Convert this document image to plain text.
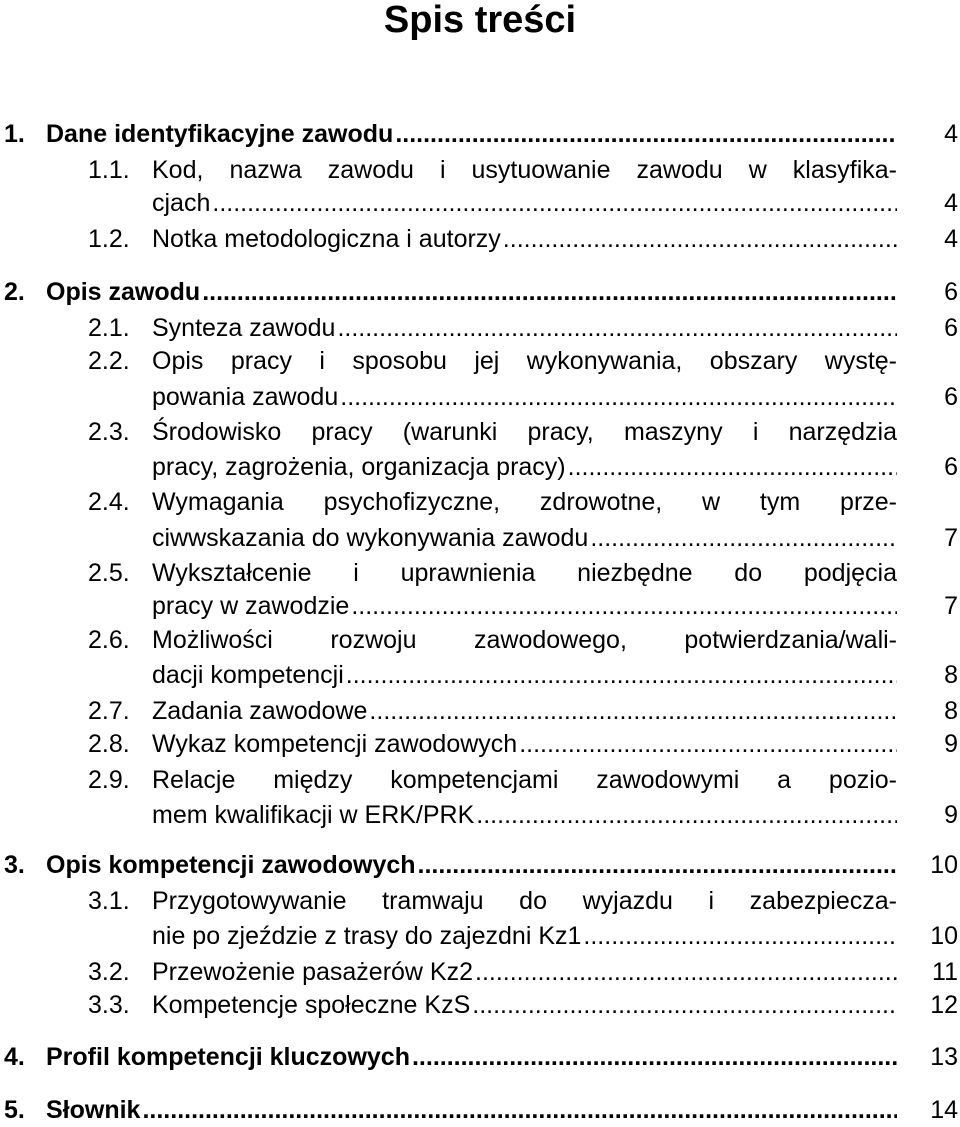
Spis treści
1. Dane identyfikacyjne zawodu .....	4
1.1. Kod, nazwa zawodu i usytuowanie zawodu w klasyfika-
cjach .....	4
1.2. Notka metodologiczna i autorzy .....	4
2. Opis zawodu .....	6
2.1. Synteza zawodu .....	6
2.2. Opis pracy i sposobu jej wykonywania, obszary wystę-
powania zawodu .....	6
2.3. Środowisko pracy (warunki pracy, maszyny i narzędzia
pracy, zagrożenia, organizacja pracy) .....	6
2.4. Wymagania psychofizyczne, zdrowotne, w tym prze-
ciwwskazania do wykonywania zawodu .....	7
2.5. Wykształcenie i uprawnienia niezbędne do podjęcia
pracy w zawodzie .....	7
2.6. Możliwości rozwoju zawodowego, potwierdzania/wali-
dacji kompetencji .....	8
2.7. Zadania zawodowe .....	8
2.8. Wykaz kompetencji zawodowych .....	9
2.9. Relacje między kompetencjami zawodowymi a pozio-
mem kwalifikacji w ERK/PRK .....	9
3. Opis kompetencji zawodowych .....	10
3.1. Przygotowywanie tramwaju do wyjazdu i zabezpiecza-
nie po zjeździe z trasy do zajezdni Kz1 .....	10
3.2. Przewożenie pasażerów Kz2 .....	11
3.3. Kompetencje społeczne KzS .....	12
4. Profil kompetencji kluczowych .....	13
5. Słownik .....	14
